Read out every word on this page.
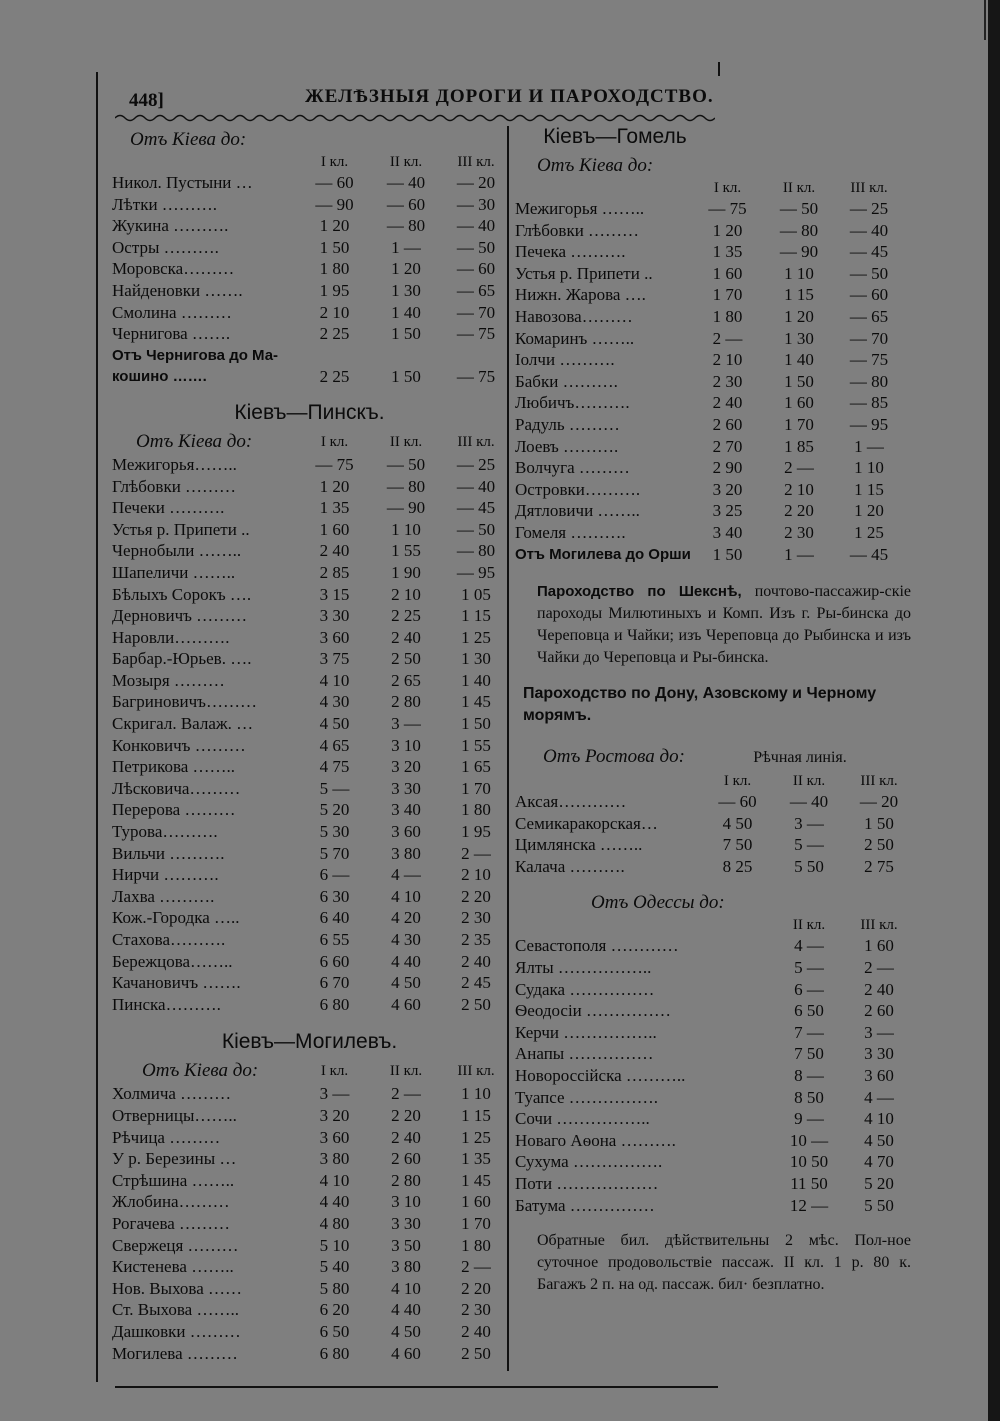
448]	ЖЕЛѢЗНЫЯ ДОРОГИ И ПАРОХОДСТВО.
Отъ Кіева до:
I кл.	II кл.	III кл.
Никол. Пустыни …	— 60	— 40	— 20
Лѣтки ……….	— 90	— 60	— 30
Жукина ……….	1 20	— 80	— 40
Остры ……….	1 50	1 —	— 50
Моровска………	1 80	1 20	— 60
Найденовки …….	1 95	1 30	— 65
Смолина ………	2 10	1 40	— 70
Чернигова …….	2 25	1 50	— 75
Отъ Чернигова до Ма-
кошино …….	2 25	1 50	— 75
Кіевъ—Пинскъ.
Отъ Кіева до:	I кл.	II кл.	III кл.
Межигорья……..	— 75	— 50	— 25
Глѣбовки ………	1 20	— 80	— 40
Печеки ……….	1 35	— 90	— 45
Устья р. Припети ..	1 60	1 10	— 50
Чернобыли ……..	2 40	1 55	— 80
Шапеличи ……..	2 85	1 90	— 95
Бѣлыхъ Сорокъ ….	3 15	2 10	1 05
Дерновичъ ………	3 30	2 25	1 15
Наровли……….	3 60	2 40	1 25
Барбар.-Юрьев. ….	3 75	2 50	1 30
Мозыря ………	4 10	2 65	1 40
Багриновичъ………	4 30	2 80	1 45
Скригал. Валаж. …	4 50	3 —	1 50
Конковичъ ………	4 65	3 10	1 55
Петрикова ……..	4 75	3 20	1 65
Лѣсковича………	5 —	3 30	1 70
Перерова ………	5 20	3 40	1 80
Турова……….	5 30	3 60	1 95
Вильчи ……….	5 70	3 80	2 —
Нирчи ……….	6 —	4 —	2 10
Лахва ……….	6 30	4 10	2 20
Кож.-Городка …..	6 40	4 20	2 30
Стахова……….	6 55	4 30	2 35
Бережцова……..	6 60	4 40	2 40
Качановичъ …….	6 70	4 50	2 45
Пинска……….	6 80	4 60	2 50
Кіевъ—Могилевъ.
Отъ Кіева до:	I кл.	II кл.	III кл.
Холмича ………	3 —	2 —	1 10
Отверницы……..	3 20	2 20	1 15
Рѣчица ………	3 60	2 40	1 25
У р. Березины …	3 80	2 60	1 35
Стрѣшина ……..	4 10	2 80	1 45
Жлобина………	4 40	3 10	1 60
Рогачева ………	4 80	3 30	1 70
Свержеця ………	5 10	3 50	1 80
Кистенева ……..	5 40	3 80	2 —
Нов. Выхова ……	5 80	4 10	2 20
Ст. Выхова ……..	6 20	4 40	2 30
Дашковки ………	6 50	4 50	2 40
Могилева ………	6 80	4 60	2 50
Кіевъ—Гомель
Отъ Кіева до:
I кл.	II кл.	III кл.
Межигорья ……..	— 75	— 50	— 25
Глѣбовки ………	1 20	— 80	— 40
Печека ……….	1 35	— 90	— 45
Устья р. Припети ..	1 60	1 10	— 50
Нижн. Жарова ….	1 70	1 15	— 60
Навозова………	1 80	1 20	— 65
Комаринъ ……..	2 —	1 30	— 70
Іолчи ……….	2 10	1 40	— 75
Бабки ……….	2 30	1 50	— 80
Любичъ……….	2 40	1 60	— 85
Радуль ………	2 60	1 70	— 95
Лоевъ ……….	2 70	1 85	1 —
Волчуга ………	2 90	2 —	1 10
Островки……….	3 20	2 10	1 15
Дятловичи ……..	3 25	2 20	1 20
Гомеля ……….	3 40	2 30	1 25
Отъ Могилева до Орши	1 50	1 —	— 45
Пароходство по Шекснѣ, почтово-пассажир-скіе пароходы Милютиныхъ и Комп. Изъ г. Ры-бинска до Череповца и Чайки; изъ Череповца до Рыбинска и изъ Чайки до Череповца и Ры-бинска.
Пароходство по Дону, Азовскому и Черному морямъ.
Отъ Ростова до:	Рѣчная линія.
I кл.	II кл.	III кл.
Аксая…………	— 60	— 40	— 20
Семикаракорская…	4 50	3 —	1 50
Цимлянска ……..	7 50	5 —	2 50
Калача ……….	8 25	5 50	2 75
Отъ Одессы до:
II кл.	III кл.
Севастополя …………	4 —	1 60
Ялты ……………..	5 —	2 —
Судака ……………	6 —	2 40
Ѳеодосіи ……………	6 50	2 60
Керчи ……………..	7 —	3 —
Анапы ……………	7 50	3 30
Новороссійска ………..	8 —	3 60
Туапсе …………….	8 50	4 —
Сочи ……………..	9 —	4 10
Новаго Аѳона ……….	10 —	4 50
Сухума …………….	10 50	4 70
Поти ………………	11 50	5 20
Батума ……………	12 —	5 50
Обратные бил. дѣйствительны 2 мѣс. Пол-ное суточное продовольствіе пассаж. II кл. 1 р. 80 к. Багажъ 2 п. на од. пассаж. бил· безплатно.
